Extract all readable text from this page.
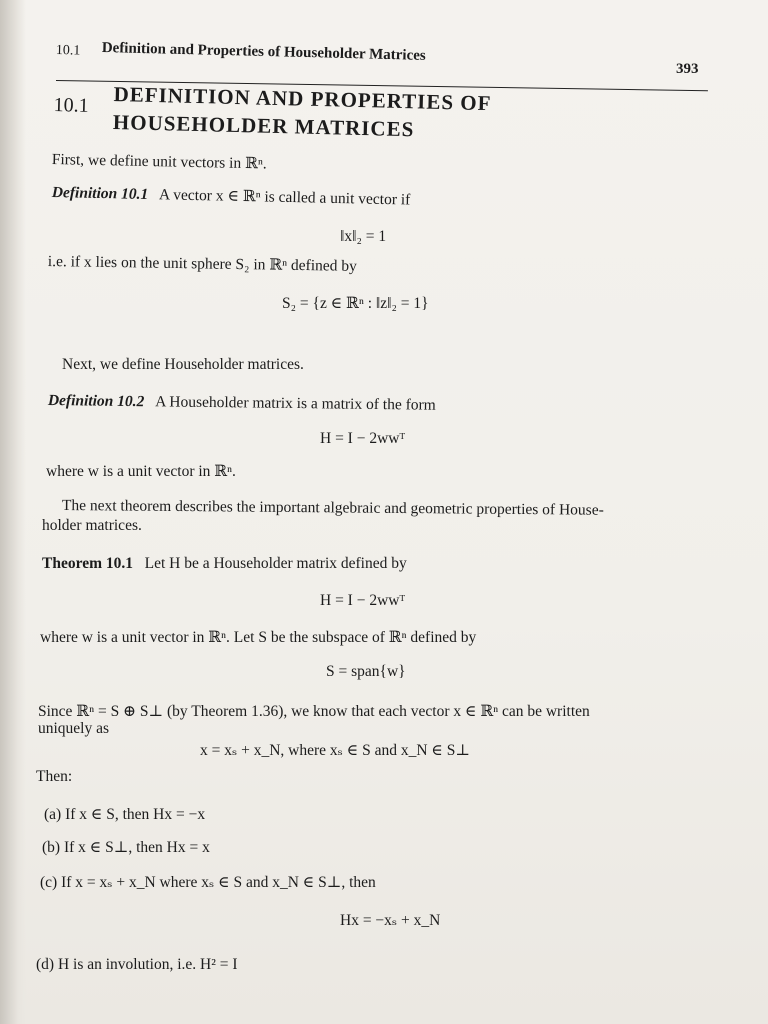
10.1 Definition and Properties of Householder Matrices
393
10.1 DEFINITION AND PROPERTIES OF
HOUSEHOLDER MATRICES
First, we define unit vectors in ℝⁿ.
Definition 10.1 A vector x ∈ ℝⁿ is called a unit vector if
‖x‖₂ = 1
i.e. if x lies on the unit sphere S₂ in ℝⁿ defined by
S₂ = {z ∈ ℝⁿ : ‖z‖₂ = 1}
Next, we define Householder matrices.
Definition 10.2 A Householder matrix is a matrix of the form
H = I − 2wwᵀ
where w is a unit vector in ℝⁿ.
The next theorem describes the important algebraic and geometric properties of House-
holder matrices.
Theorem 10.1 Let H be a Householder matrix defined by
H = I − 2wwᵀ
where w is a unit vector in ℝⁿ. Let S be the subspace of ℝⁿ defined by
S = span{w}
Since ℝⁿ = S ⊕ S⊥ (by Theorem 1.36), we know that each vector x ∈ ℝⁿ can be written
uniquely as
x = xₛ + x_N, where xₛ ∈ S and x_N ∈ S⊥
Then:
(a) If x ∈ S, then Hx = −x
(b) If x ∈ S⊥, then Hx = x
(c) If x = xₛ + x_N where xₛ ∈ S and x_N ∈ S⊥, then
Hx = −xₛ + x_N
(d) H is an involution, i.e. H² = I
